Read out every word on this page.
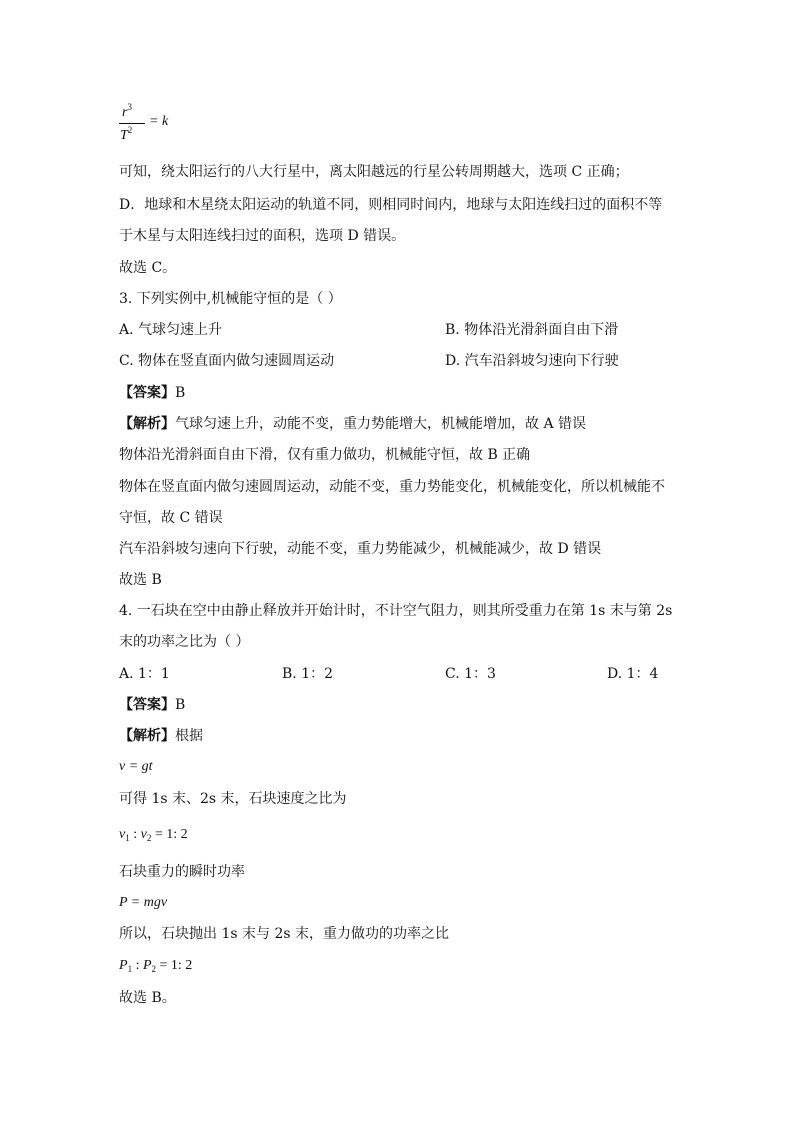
$r^3$
$T^2$
= k
可知，绕太阳运行的八大行星中，离太阳越远的行星公转周期越大，选项 C 正确；
D．地球和木星绕太阳运动的轨道不同，则相同时间内，地球与太阳连线扫过的面积不等
于木星与太阳连线扫过的面积，选项 D 错误。
故选 C。
3. 下列实例中,机械能守恒的是（ ）
A. 气球匀速上升	B. 物体沿光滑斜面自由下滑
C. 物体在竖直面内做匀速圆周运动	D. 汽车沿斜坡匀速向下行驶
【答案】B
【解析】气球匀速上升，动能不变，重力势能增大，机械能增加，故 A 错误
物体沿光滑斜面自由下滑，仅有重力做功，机械能守恒，故 B 正确
物体在竖直面内做匀速圆周运动，动能不变，重力势能变化，机械能变化，所以机械能不
守恒，故 C 错误
汽车沿斜坡匀速向下行驶，动能不变，重力势能减少，机械能减少，故 D 错误
故选 B
4. 一石块在空中由静止释放并开始计时，不计空气阻力，则其所受重力在第 1s 末与第 2s
末的功率之比为（ ）
A. 1：1	B. 1：2	C. 1：3	D. 1：4
【答案】B
【解析】根据
v = gt
可得 1s 末、2s 末，石块速度之比为
$v_1$ : $v_2 = 1$: 2
石块重力的瞬时功率
P = mgv
所以，石块抛出 1s 末与 2s 末，重力做功的功率之比
$P_1$ : $P_2 = 1$: 2
故选 B。
